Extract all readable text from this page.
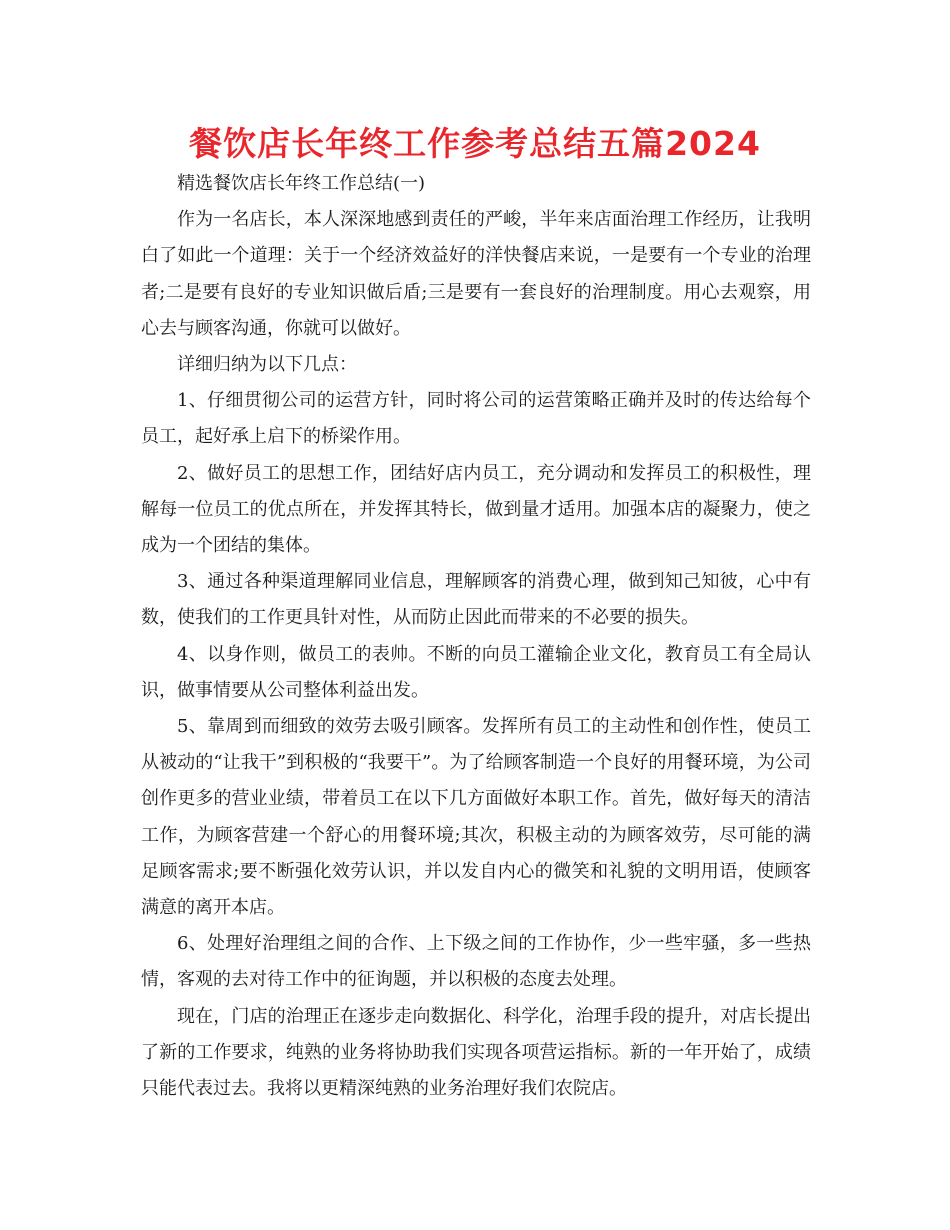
餐饮店长年终工作参考总结五篇2024

精选餐饮店长年终工作总结(一)

作为一名店长，本人深深地感到责任的严峻，半年来店面治理工作经历，让我明白了如此一个道理：关于一个经济效益好的洋快餐店来说，一是要有一个专业的治理者;二是要有良好的专业知识做后盾;三是要有一套良好的治理制度。用心去观察，用心去与顾客沟通，你就可以做好。

详细归纳为以下几点：

1、仔细贯彻公司的运营方针，同时将公司的运营策略正确并及时的传达给每个员工，起好承上启下的桥梁作用。

2、做好员工的思想工作，团结好店内员工，充分调动和发挥员工的积极性，理解每一位员工的优点所在，并发挥其特长，做到量才适用。加强本店的凝聚力，使之成为一个团结的集体。

3、通过各种渠道理解同业信息，理解顾客的消费心理，做到知己知彼，心中有数，使我们的工作更具针对性，从而防止因此而带来的不必要的损失。

4、以身作则，做员工的表帅。不断的向员工灌输企业文化，教育员工有全局认识，做事情要从公司整体利益出发。

5、靠周到而细致的效劳去吸引顾客。发挥所有员工的主动性和创作性，使员工从被动的“让我干”到积极的“我要干”。为了给顾客制造一个良好的用餐环境，为公司创作更多的营业业绩，带着员工在以下几方面做好本职工作。首先，做好每天的清洁工作，为顾客营建一个舒心的用餐环境;其次，积极主动的为顾客效劳，尽可能的满足顾客需求;要不断强化效劳认识，并以发自内心的微笑和礼貌的文明用语，使顾客满意的离开本店。

6、处理好治理组之间的合作、上下级之间的工作协作，少一些牢骚，多一些热情，客观的去对待工作中的征询题，并以积极的态度去处理。

现在，门店的治理正在逐步走向数据化、科学化，治理手段的提升，对店长提出了新的工作要求，纯熟的业务将协助我们实现各项营运指标。新的一年开始了，成绩只能代表过去。我将以更精深纯熟的业务治理好我们农院店。
